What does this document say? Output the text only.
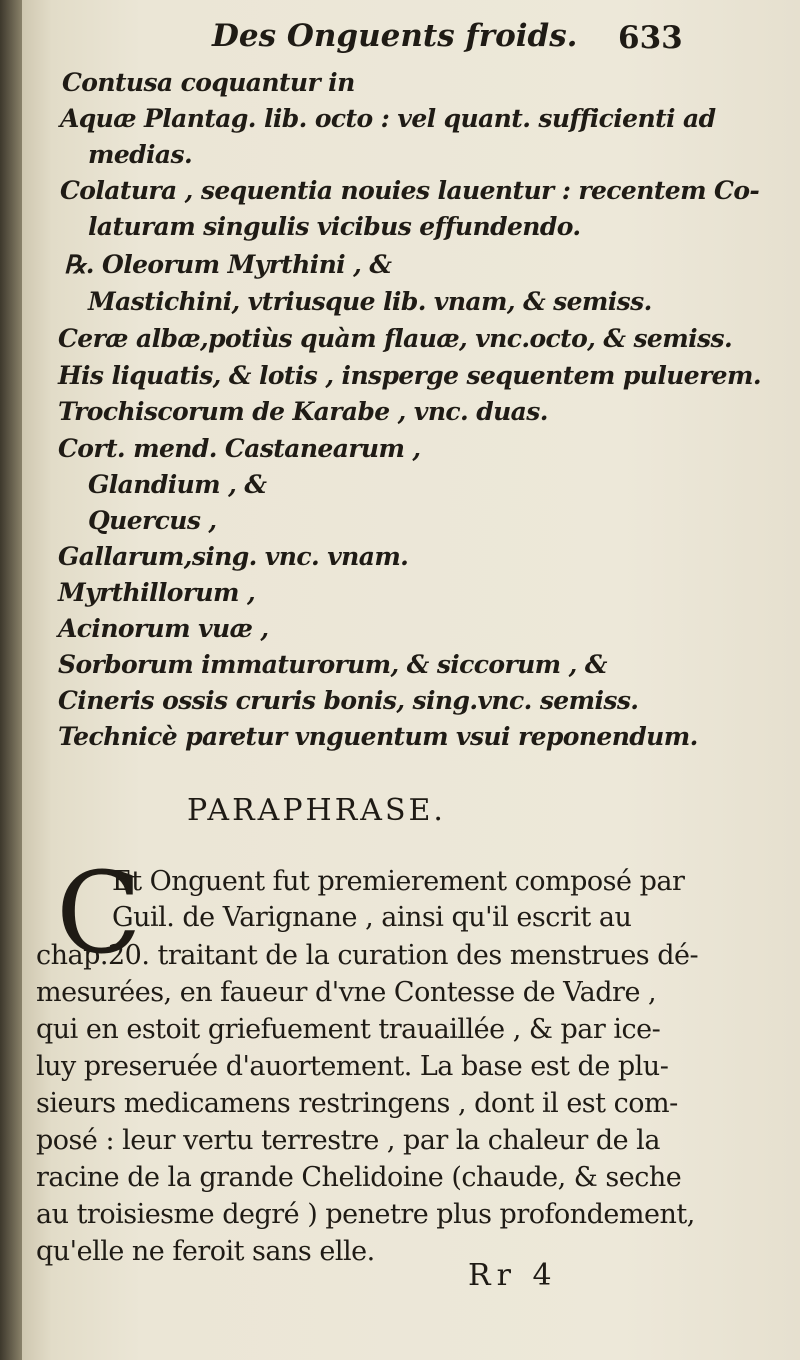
Des Onguents froids. 633
Contusa coquantur in
Aquæ Plantag. lib. octo : vel quant. sufficienti ad
medias.
Colatura , sequentia nouies lauentur : recentem Co-
laturam singulis vicibus effundendo.
℞. Oleorum Myrthini , &
Mastichini, vtriusque lib. vnam, & semiss.
Ceræ albæ,potiùs quàm flauæ, vnc.octo, & semiss.
His liquatis, & lotis , insperge sequentem puluerem.
Trochiscorum de Karabe , vnc. duas.
Cort. mend. Castanearum ,
Glandium , &
Quercus ,
Gallarum,sing. vnc. vnam.
Myrthillorum ,
Acinorum vuæ ,
Sorborum immaturorum, & siccorum , &
Cineris ossis cruris bonis, sing.vnc. semiss.
Technicè paretur vnguentum vsui reponendum.
PARAPHRASE.
C
Et Onguent fut premierement composé par
Guil. de Varignane , ainsi qu'il escrit au
chap.20. traitant de la curation des menstrues dé-
mesurées, en faueur d'vne Contesse de Vadre ,
qui en estoit griefuement trauaillée , & par ice-
luy preseruée d'auortement. La base est de plu-
sieurs medicamens restringens , dont il est com-
posé : leur vertu terrestre , par la chaleur de la
racine de la grande Chelidoine (chaude, & seche
au troisiesme degré ) penetre plus profondement,
qu'elle ne feroit sans elle.
Rr 4
